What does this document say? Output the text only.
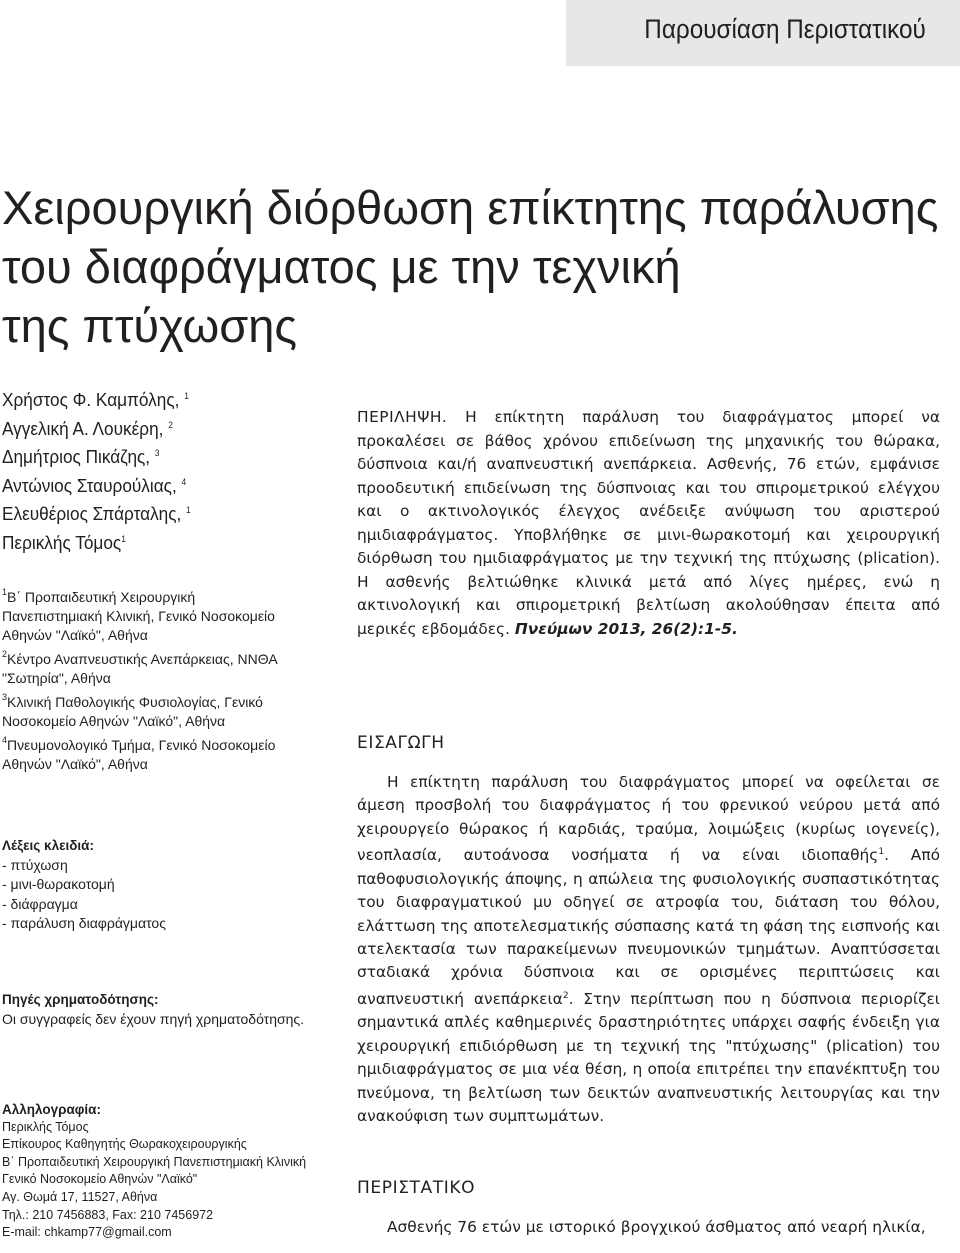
Παρουσίαση Περιστατικού
Χειρουργική διόρθωση επίκτητης παράλυσης
του διαφράγματος με την τεχνική
της πτύχωσης
Χρήστος Φ. Καμπόλης, $^1$
Αγγελική Α. Λουκέρη, $^2$
Δημήτριος Πικάζης, $^3$
Αντώνιος Σταυρούλιας, $^4$
Ελευθέριος Σπάρταλης, $^1$
Περικλής Τόμος$^1$
$^1$Β΄ Προπαιδευτική Χειρουργική
Πανεπιστημιακή Κλινική, Γενικό Νοσοκομείο
Αθηνών "Λαϊκό", Αθήνα
$^2$Κέντρο Αναπνευστικής Ανεπάρκειας, ΝΝΘΑ
"Σωτηρία", Αθήνα
$^3$Κλινική Παθολογικής Φυσιολογίας, Γενικό
Νοσοκομείο Αθηνών "Λαϊκό", Αθήνα
$^4$Πνευμονολογικό Τμήμα, Γενικό Νοσοκομείο
Αθηνών "Λαϊκό", Αθήνα
Λέξεις κλειδιά:
- πτύχωση
- μινι-θωρακοτομή
- διάφραγμα
- παράλυση διαφράγματος
Πηγές χρηματοδότησης:
Οι συγγραφείς δεν έχουν πηγή χρηματοδότησης.
Αλληλογραφία:
Περικλής Τόμος
Επίκουρος Καθηγητής Θωρακοχειρουργικής
Β΄ Προπαιδευτική Χειρουργική Πανεπιστημιακή Κλινική
Γενικό Νοσοκομείο Αθηνών "Λαϊκό"
Αγ. Θωμά 17, 11527, Αθήνα
Τηλ.: 210 7456883, Fax: 210 7456972
E-mail: chkamp77@gmail.com
ΠΕΡΙΛΗΨΗ. Η επίκτητη παράλυση του διαφράγματος μπορεί να προκαλέσει σε βάθος χρόνου επιδείνωση της μηχανικής του θώρακα, δύσπνοια και/ή αναπνευστική ανεπάρκεια. Ασθενής, 76 ετών, εμφάνισε προοδευτική επιδείνωση της δύσπνοιας και του σπιρομετρικού ελέγχου και ο ακτινολογικός έλεγχος ανέδειξε ανύψωση του αριστερού ημιδιαφράγματος. Υποβλήθηκε σε μινι-θωρακοτομή και χειρουργική διόρθωση του ημιδιαφράγματος με την τεχνική της πτύχωσης (plication). Η ασθενής βελτιώθηκε κλινικά μετά από λίγες ημέρες, ενώ η ακτινολογική και σπιρομετρική βελτίωση ακολούθησαν έπειτα από μερικές εβδομάδες. Πνεύμων 2013, 26(2):1-5.
ΕΙΣΑΓΩΓΗ

Η επίκτητη παράλυση του διαφράγματος μπορεί να οφείλεται σε άμεση προσβολή του διαφράγματος ή του φρενικού νεύρου μετά από χειρουργείο θώρακος ή καρδιάς, τραύμα, λοιμώξεις (κυρίως ιογενείς), νεοπλασία, αυτοάνοσα νοσήματα ή να είναι ιδιοπαθής$^1$. Από παθοφυσιολογικής άποψης, η απώλεια της φυσιολογικής συσπαστικότητας του διαφραγματικού μυ οδηγεί σε ατροφία του, διάταση του θόλου, ελάττωση της αποτελεσματικής σύσπασης κατά τη φάση της εισπνοής και ατελεκτασία των παρακείμενων πνευμονικών τμημάτων. Αναπτύσσεται σταδιακά χρόνια δύσπνοια και σε ορισμένες περιπτώσεις και αναπνευστική ανεπάρκεια$^2$. Στην περίπτωση που η δύσπνοια περιορίζει σημαντικά απλές καθημερινές δραστηριότητες υπάρχει σαφής ένδειξη για χειρουργική επιδιόρθωση με τη τεχνική της "πτύχωσης" (plication) του ημιδιαφράγματος σε μια νέα θέση, η οποία επιτρέπει την επανέκπτυξη του πνεύμονα, τη βελτίωση των δεικτών αναπνευστικής λειτουργίας και την ανακούφιση των συμπτωμάτων.

ΠΕΡΙΣΤΑΤΙΚΟ

Ασθενής 76 ετών με ιστορικό βρογχικού άσθματος από νεαρή ηλικία,
